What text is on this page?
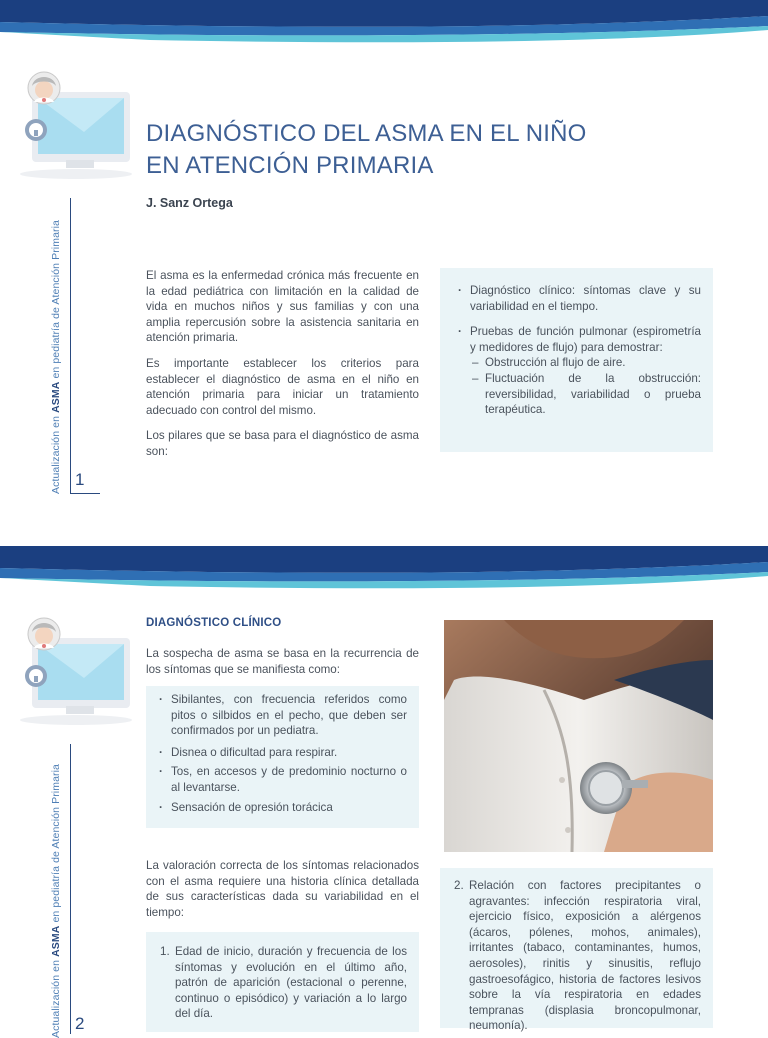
Actualización en ASMA en pediatría de Atención Primaria
1
DIAGNÓSTICO DEL ASMA EN EL NIÑO
EN ATENCIÓN PRIMARIA
J. Sanz Ortega

El asma es la enfermedad crónica más frecuente en la edad pediátrica con limitación en la calidad de vida en muchos niños y sus familias y con una amplia repercusión sobre la asistencia sanitaria en atención primaria.

Es importante establecer los criterios para establecer el diagnóstico de asma en el niño en atención primaria para iniciar un tratamiento adecuado con control del mismo.

Los pilares que se basa para el diagnóstico de asma son:

· Diagnóstico clínico: síntomas clave y su variabilidad en el tiempo.
· Pruebas de función pulmonar (espirometría y medidores de flujo) para demostrar:
– Obstrucción al flujo de aire.
– Fluctuación de la obstrucción: reversibilidad, variabilidad o prueba terapéutica.
Actualización en ASMA en pediatría de Atención Primaria
2
DIAGNÓSTICO CLÍNICO
La sospecha de asma se basa en la recurrencia de los síntomas que se manifiesta como:
· Sibilantes, con frecuencia referidos como pitos o silbidos en el pecho, que deben ser confirmados por un pediatra.
· Disnea o dificultad para respirar.
· Tos, en accesos y de predominio nocturno o al levantarse.
· Sensación de opresión torácica
La valoración correcta de los síntomas relacionados con el asma requiere una historia clínica detallada de sus características dada su variabilidad en el tiempo:
1. Edad de inicio, duración y frecuencia de los síntomas y evolución en el último año, patrón de aparición (estacional o perenne, continuo o episódico) y variación a lo largo del día.
2. Relación con factores precipitantes o agravantes: infección respiratoria viral, ejercicio físico, exposición a alérgenos (ácaros, pólenes, mohos, animales), irritantes (tabaco, contaminantes, humos, aerosoles), rinitis y sinusitis, reflujo gastroesofágico, historia de factores lesivos sobre la vía respiratoria en edades tempranas (displasia broncopulmonar, neumonía).
